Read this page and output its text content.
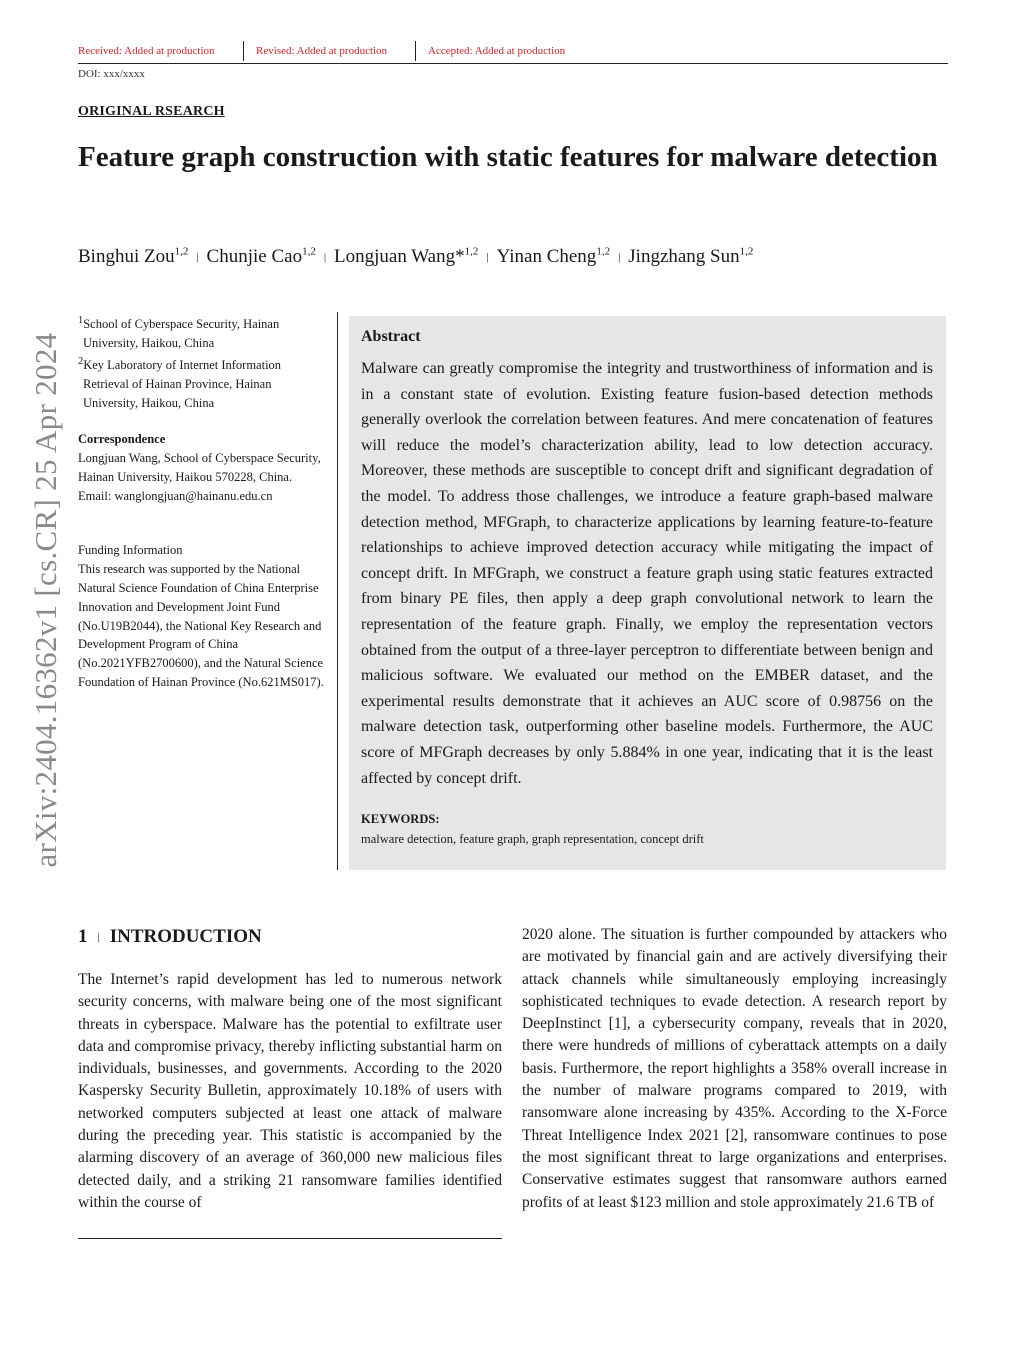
Received: Added at production	Revised: Added at production	Accepted: Added at production
DOI: xxx/xxxx
ORIGINAL RSEARCH
Feature graph construction with static features for malware detection
Binghui Zou$^{1,2}$ | Chunjie Cao$^{1,2}$ | Longjuan Wang*$^{1,2}$ | Yinan Cheng$^{1,2}$ | Jingzhang Sun$^{1,2}$
arXiv:2404.16362v1 [cs.CR] 25 Apr 2024
$^1$School of Cyberspace Security, Hainan University, Haikou, China
$^2$Key Laboratory of Internet Information Retrieval of Hainan Province, Hainan University, Haikou, China
Correspondence
Longjuan Wang, School of Cyberspace Security, Hainan University, Haikou 570228, China.
Email: wanglongjuan@hainanu.edu.cn
Funding Information
This research was supported by the National Natural Science Foundation of China Enterprise Innovation and Development Joint Fund (No.U19B2044), the National Key Research and Development Program of China (No.2021YFB2700600), and the Natural Science Foundation of Hainan Province (No.621MS017).
Abstract
Malware can greatly compromise the integrity and trustworthiness of information and is in a constant state of evolution. Existing feature fusion-based detection methods generally overlook the correlation between features. And mere concatenation of features will reduce the model’s characterization ability, lead to low detection accuracy. Moreover, these methods are susceptible to concept drift and significant degradation of the model. To address those challenges, we introduce a feature graph-based malware detection method, MFGraph, to characterize applications by learning feature-to-feature relationships to achieve improved detection accuracy while mitigating the impact of concept drift. In MFGraph, we construct a feature graph using static features extracted from binary PE files, then apply a deep graph convolutional network to learn the representation of the feature graph. Finally, we employ the representation vectors obtained from the output of a three-layer perceptron to differentiate between benign and malicious software. We evaluated our method on the EMBER dataset, and the experimental results demonstrate that it achieves an AUC score of 0.98756 on the malware detection task, outperforming other baseline models. Furthermore, the AUC score of MFGraph decreases by only 5.884% in one year, indicating that it is the least affected by concept drift.
KEYWORDS:
malware detection, feature graph, graph representation, concept drift
1 | INTRODUCTION
The Internet’s rapid development has led to numerous network security concerns, with malware being one of the most significant threats in cyberspace. Malware has the potential to exfiltrate user data and compromise privacy, thereby inflicting substantial harm on individuals, businesses, and governments. According to the 2020 Kaspersky Security Bulletin, approximately 10.18% of users with networked computers subjected at least one attack of malware during the preceding year. This statistic is accompanied by the alarming discovery of an average of 360,000 new malicious files detected daily, and a striking 21 ransomware families identified within the course of
2020 alone. The situation is further compounded by attackers who are motivated by financial gain and are actively diversifying their attack channels while simultaneously employing increasingly sophisticated techniques to evade detection. A research report by DeepInstinct [1], a cybersecurity company, reveals that in 2020, there were hundreds of millions of cyberattack attempts on a daily basis. Furthermore, the report highlights a 358% overall increase in the number of malware programs compared to 2019, with ransomware alone increasing by 435%. According to the X-Force Threat Intelligence Index 2021 [2], ransomware continues to pose the most significant threat to large organizations and enterprises. Conservative estimates suggest that ransomware authors earned profits of at least $123 million and stole approximately 21.6 TB of
